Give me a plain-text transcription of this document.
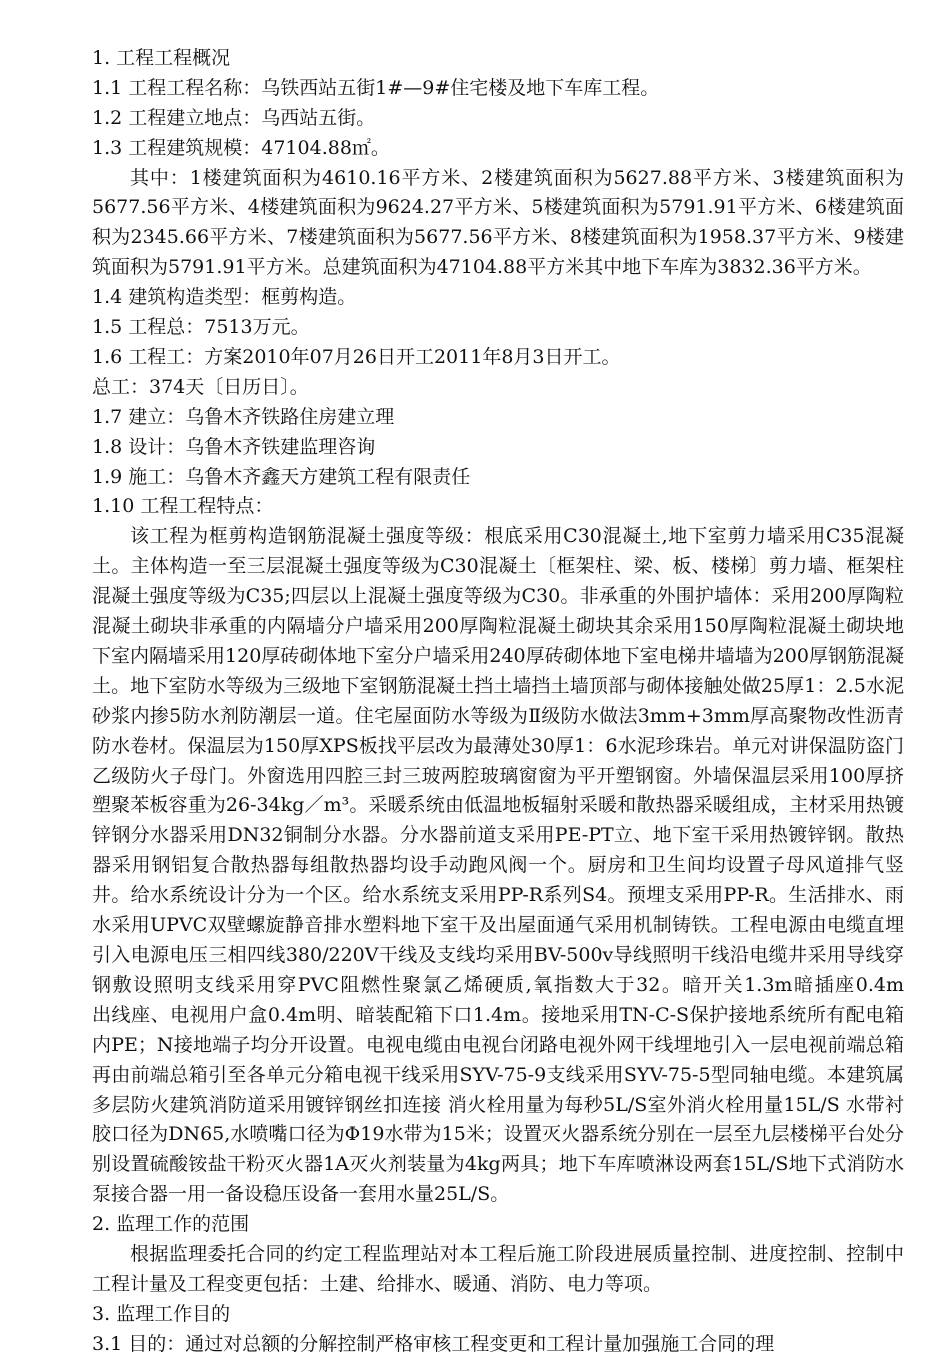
1. 工程工程概况
1.1 工程工程名称：乌铁西站五街1#—9#住宅楼及地下车库工程。
1.2 工程建立地点：乌西站五街。
1.3 工程建筑规模：47104.88㎡。
其中：1楼建筑面积为4610.16平方米、2楼建筑面积为5627.88平方米、3楼建筑面积为5677.56平方米、4楼建筑面积为9624.27平方米、5楼建筑面积为5791.91平方米、6楼建筑面积为2345.66平方米、7楼建筑面积为5677.56平方米、8楼建筑面积为1958.37平方米、9楼建筑面积为5791.91平方米。总建筑面积为47104.88平方米其中地下车库为3832.36平方米。
1.4 建筑构造类型：框剪构造。
1.5 工程总：7513万元。
1.6 工程工：方案2010年07月26日开工2011年8月3日开工。
总工：374天〔日历日〕。
1.7 建立：乌鲁木齐铁路住房建立理
1.8 设计：乌鲁木齐铁建监理咨询
1.9 施工：乌鲁木齐鑫天方建筑工程有限责任
1.10 工程工程特点：
该工程为框剪构造钢筋混凝土强度等级：根底采用C30混凝土,地下室剪力墙采用C35混凝土。主体构造一至三层混凝土强度等级为C30混凝土〔框架柱、梁、板、楼梯〕剪力墙、框架柱混凝土强度等级为C35;四层以上混凝土强度等级为C30。非承重的外围护墙体：采用200厚陶粒混凝土砌块非承重的内隔墙分户墙采用200厚陶粒混凝土砌块其余采用150厚陶粒混凝土砌块地下室内隔墙采用120厚砖砌体地下室分户墙采用240厚砖砌体地下室电梯井墙墙为200厚钢筋混凝土。地下室防水等级为三级地下室钢筋混凝土挡土墙挡土墙顶部与砌体接触处做25厚1：2.5水泥砂浆内掺5防水剂防潮层一道。住宅屋面防水等级为Ⅱ级防水做法3mm+3mm厚高聚物改性沥青防水卷材。保温层为150厚XPS板找平层改为最薄处30厚1：6水泥珍珠岩。单元对讲保温防盗门乙级防火子母门。外窗选用四腔三封三玻两腔玻璃窗窗为平开塑钢窗。外墙保温层采用100厚挤塑聚苯板容重为26-34kg／m³。采暖系统由低温地板辐射采暖和散热器采暖组成，主材采用热镀锌钢分水器采用DN32铜制分水器。分水器前道支采用PE-PT立、地下室干采用热镀锌钢。散热器采用钢铝复合散热器每组散热器均设手动跑风阀一个。厨房和卫生间均设置子母风道排气竖井。给水系统设计分为一个区。给水系统支采用PP-R系列S4。预埋支采用PP-R。生活排水、雨水采用UPVC双壁螺旋静音排水塑料地下室干及出屋面通气采用机制铸铁。工程电源由电缆直埋引入电源电压三相四线380/220V干线及支线均采用BV-500v导线照明干线沿电缆井采用导线穿钢敷设照明支线采用穿PVC阻燃性聚氯乙烯硬质,氧指数大于32。暗开关1.3m暗插座0.4m　　出线座、电视用户盒0.4m明、暗装配箱下口1.4m。接地采用TN-C-S保护接地系统所有配电箱内PE；N接地端子均分开设置。电视电缆由电视台闭路电视外网干线埋地引入一层电视前端总箱再由前端总箱引至各单元分箱电视干线采用SYV-75-9支线采用SYV-75-5型同轴电缆。本建筑属多层防火建筑消防道采用镀锌钢丝扣连接 消火栓用量为每秒5L/S室外消火栓用量15L/S 水带衬胶口径为DN65,水喷嘴口径为Φ19水带为15米；设置灭火器系统分别在一层至九层楼梯平台处分别设置硫酸铵盐干粉灭火器1A灭火剂装量为4kg两具；地下车库喷淋设两套15L/S地下式消防水泵接合器一用一备设稳压设备一套用水量25L/S。
2. 监理工作的范围
根据监理委托合同的约定工程监理站对本工程后施工阶段进展质量控制、进度控制、控制中工程计量及工程变更包括：土建、给排水、暖通、消防、电力等项。
3. 监理工作目的
3.1 目的：通过对总额的分解控制严格审核工程变更和工程计量加强施工合同的理
